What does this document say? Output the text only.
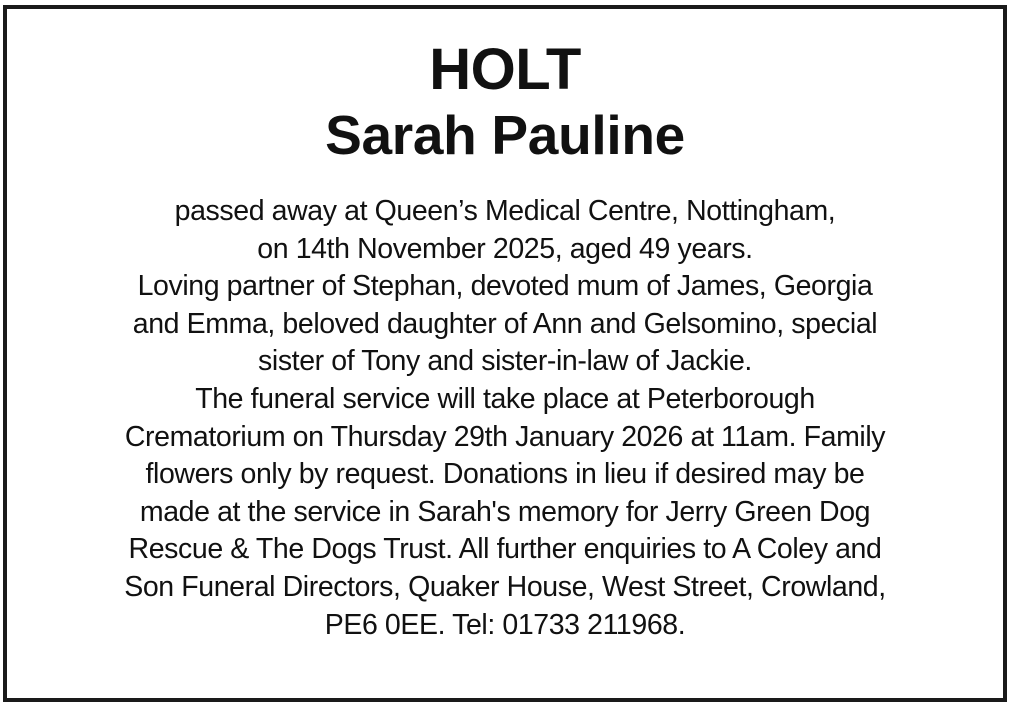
HOLT
Sarah Pauline
passed away at Queen’s Medical Centre, Nottingham,
on 14th November 2025, aged 49 years.
Loving partner of Stephan, devoted mum of James, Georgia
and Emma, beloved daughter of Ann and Gelsomino, special
sister of Tony and sister-in-law of Jackie.
The funeral service will take place at Peterborough
Crematorium on Thursday 29th January 2026 at 11am. Family
flowers only by request. Donations in lieu if desired may be
made at the service in Sarah's memory for Jerry Green Dog
Rescue & The Dogs Trust. All further enquiries to A Coley and
Son Funeral Directors, Quaker House, West Street, Crowland,
PE6 0EE. Tel: 01733 211968.
